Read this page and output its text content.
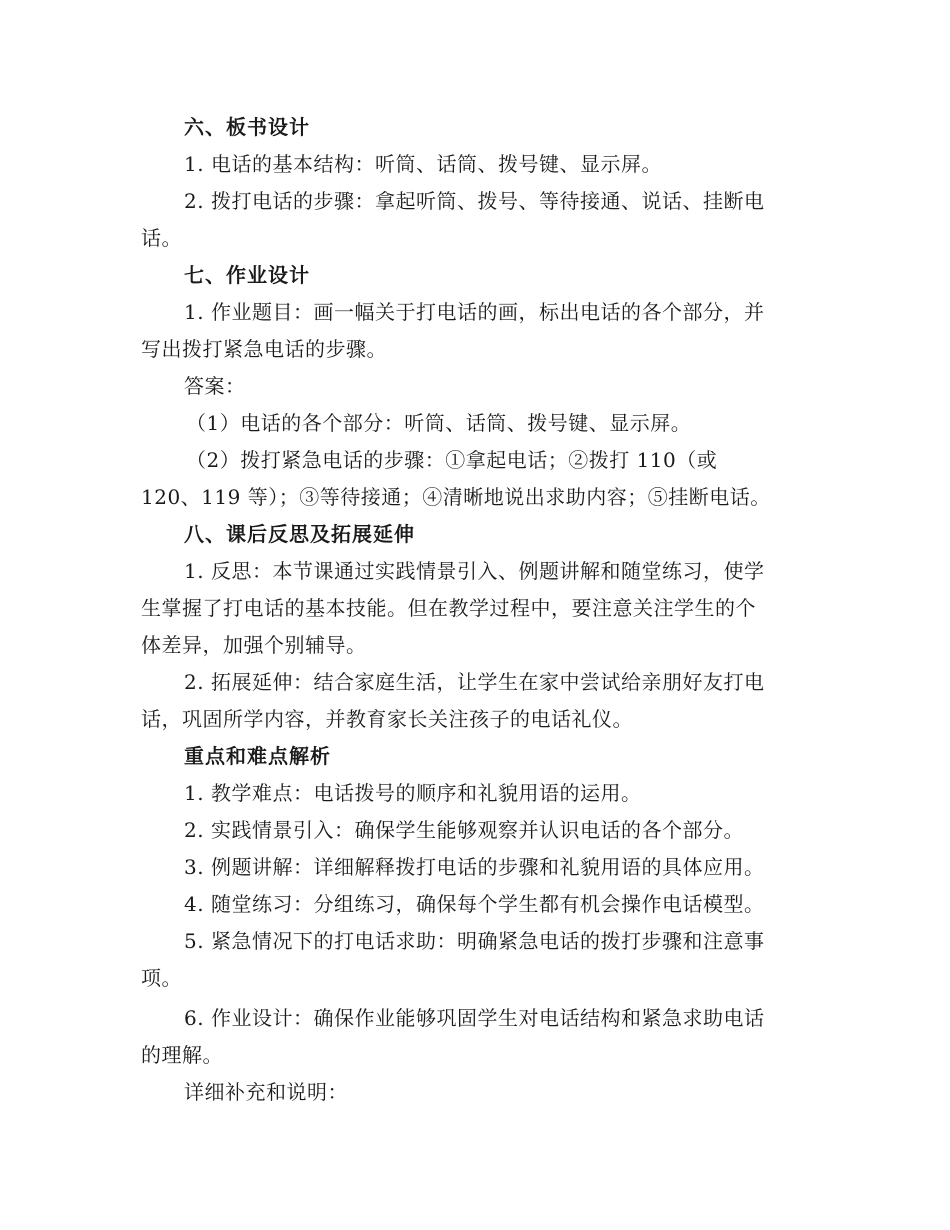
六、板书设计
1. 电话的基本结构：听筒、话筒、拨号键、显示屏。
2. 拨打电话的步骤：拿起听筒、拨号、等待接通、说话、挂断电
话。
七、作业设计
1. 作业题目：画一幅关于打电话的画，标出电话的各个部分，并
写出拨打紧急电话的步骤。
答案：
（1）电话的各个部分：听筒、话筒、拨号键、显示屏。
（2）拨打紧急电话的步骤：①拿起电话；②拨打 110（或
120、119 等）；③等待接通；④清晰地说出求助内容；⑤挂断电话。
八、课后反思及拓展延伸
1. 反思：本节课通过实践情景引入、例题讲解和随堂练习，使学
生掌握了打电话的基本技能。但在教学过程中，要注意关注学生的个
体差异，加强个别辅导。
2. 拓展延伸：结合家庭生活，让学生在家中尝试给亲朋好友打电
话，巩固所学内容，并教育家长关注孩子的电话礼仪。
重点和难点解析
1. 教学难点：电话拨号的顺序和礼貌用语的运用。
2. 实践情景引入：确保学生能够观察并认识电话的各个部分。
3. 例题讲解：详细解释拨打电话的步骤和礼貌用语的具体应用。
4. 随堂练习：分组练习，确保每个学生都有机会操作电话模型。
5. 紧急情况下的打电话求助：明确紧急电话的拨打步骤和注意事
项。
6. 作业设计：确保作业能够巩固学生对电话结构和紧急求助电话
的理解。
详细补充和说明：
